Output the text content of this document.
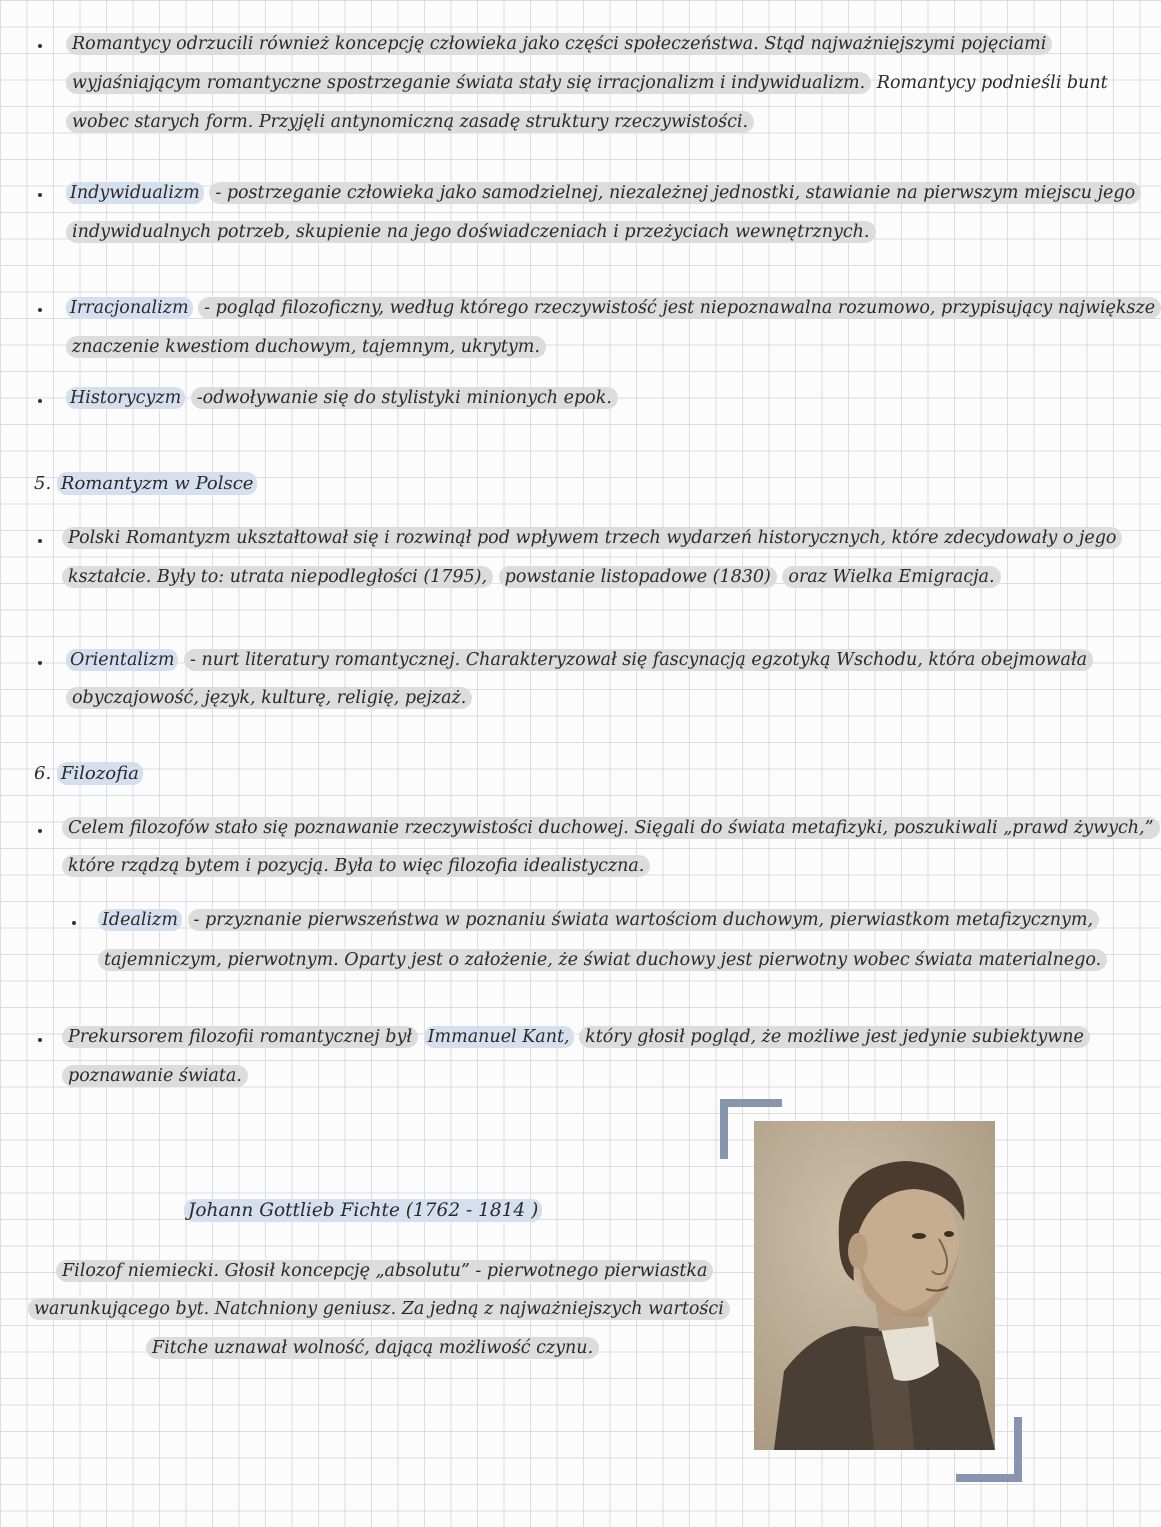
Romantycy odrzucili również koncepcję człowieka jako części społeczeństwa. Stąd najważniejszymi pojęciami
wyjaśniającym romantyczne spostrzeganie świata stały się irracjonalizm i indywidualizm. Romantycy podnieśli bunt
wobec starych form. Przyjęli antynomiczną zasadę struktury rzeczywistości.
Indywidualizm - postrzeganie człowieka jako samodzielnej, niezależnej jednostki, stawianie na pierwszym miejscu jego
indywidualnych potrzeb, skupienie na jego doświadczeniach i przeżyciach wewnętrznych.
Irracjonalizm - pogląd filozoficzny, według którego rzeczywistość jest niepoznawalna rozumowo, przypisujący największe
znaczenie kwestiom duchowym, tajemnym, ukrytym.
Historycyzm -odwoływanie się do stylistyki minionych epok.
5. Romantyzm w Polsce
Polski Romantyzm ukształtował się i rozwinął pod wpływem trzech wydarzeń historycznych, które zdecydowały o jego
kształcie. Były to: utrata niepodległości (1795), powstanie listopadowe (1830) oraz Wielka Emigracja.
Orientalizm - nurt literatury romantycznej. Charakteryzował się fascynacją egzotyką Wschodu, która obejmowała
obyczajowość, język, kulturę, religię, pejzaż.
6. Filozofia
Celem filozofów stało się poznawanie rzeczywistości duchowej. Sięgali do świata metafizyki, poszukiwali „prawd żywych,”
które rządzą bytem i pozycją. Była to więc filozofia idealistyczna.
Idealizm - przyznanie pierwszeństwa w poznaniu świata wartościom duchowym, pierwiastkom metafizycznym,
tajemniczym, pierwotnym. Oparty jest o założenie, że świat duchowy jest pierwotny wobec świata materialnego.
Prekursorem filozofii romantycznej był Immanuel Kant, który głosił pogląd, że możliwe jest jedynie subiektywne
poznawanie świata.
Johann Gottlieb Fichte (1762 - 1814 )
Filozof niemiecki. Głosił koncepcję „absolutu” - pierwotnego pierwiastka
warunkującego byt. Natchniony geniusz. Za jedną z najważniejszych wartości
Fitche uznawał wolność, dającą możliwość czynu.
